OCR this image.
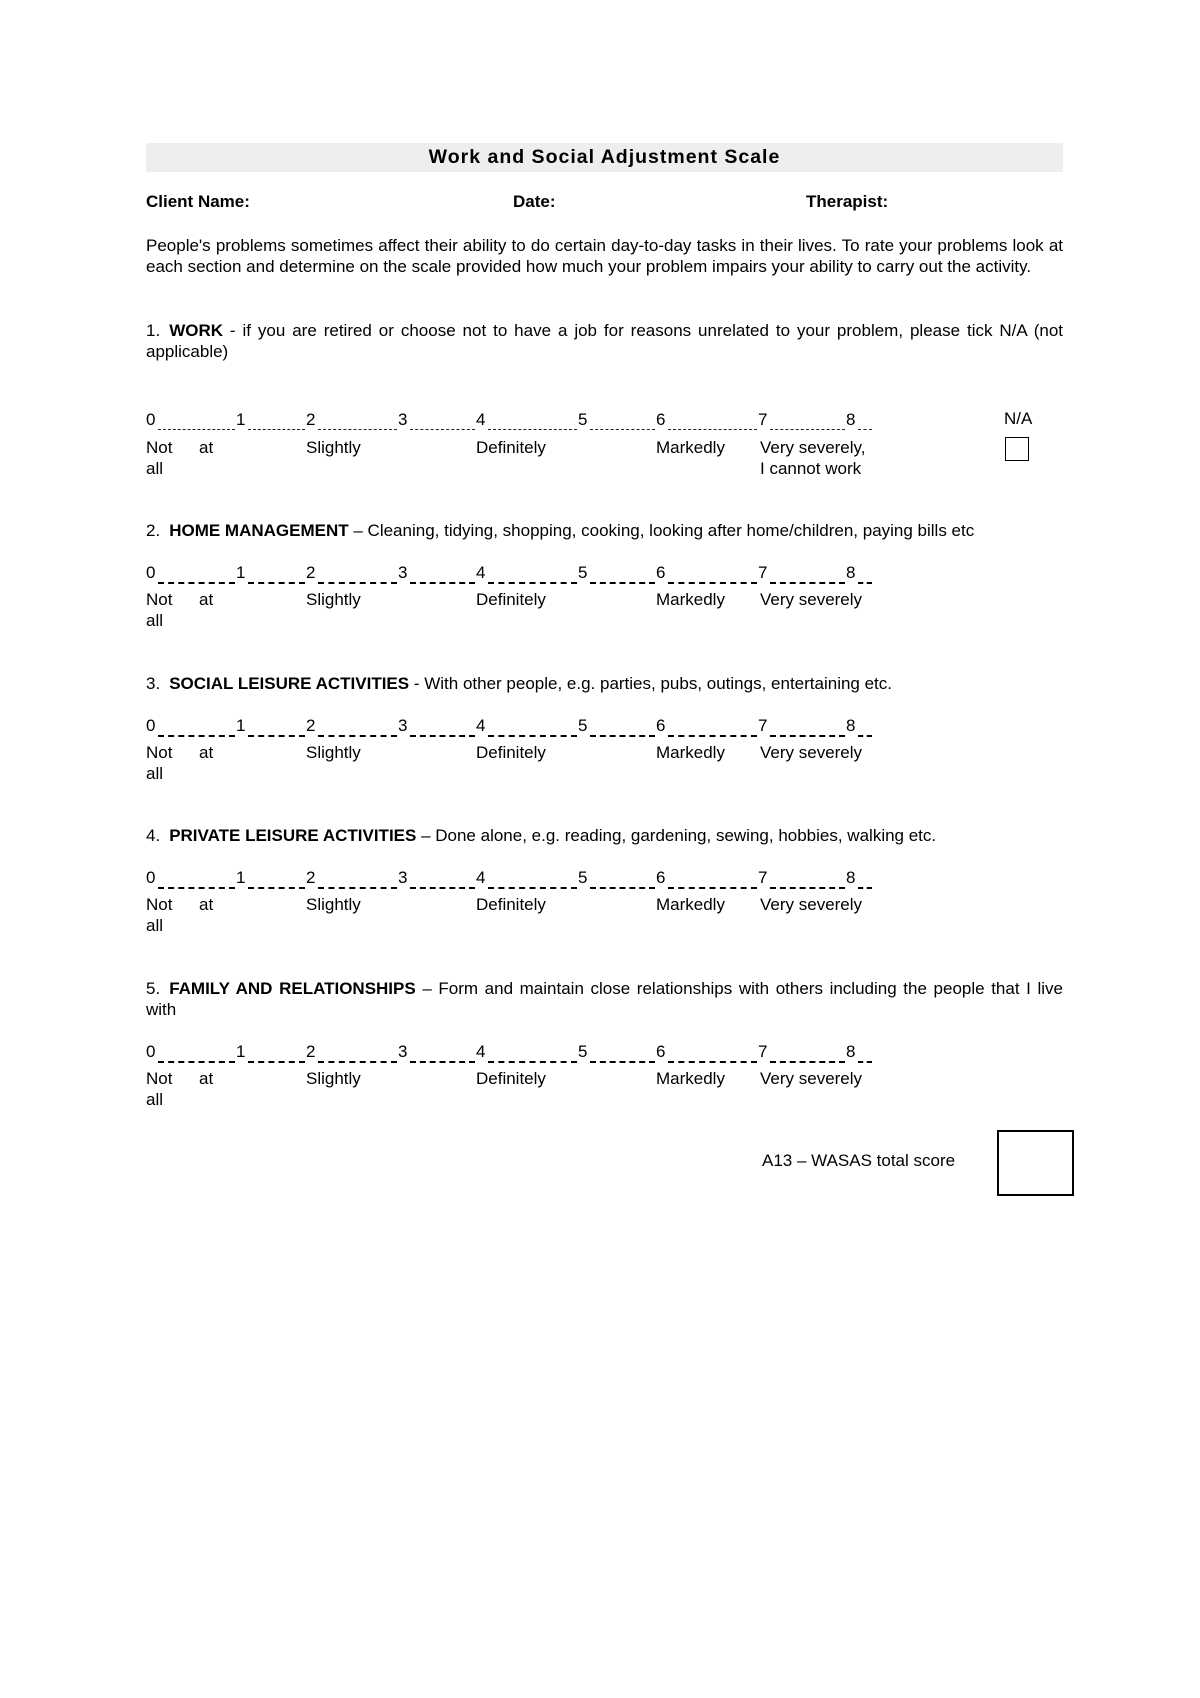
Work and Social Adjustment Scale
Client Name:	Date:	Therapist:
People's problems sometimes affect their ability to do certain day-to-day tasks in their lives. To rate your problems look at each section and determine on the scale provided how much your problem impairs your ability to carry out the activity.
1. WORK - if you are retired or choose not to have a job for reasons unrelated to your problem, please tick N/A (not applicable)
0	1	2	3	4	5	6	7	8
Not at
all
Slightly	Definitely	Markedly Very severely,
I cannot work
N/A
2. HOME MANAGEMENT – Cleaning, tidying, shopping, cooking, looking after home/children, paying bills etc
0	1	2	3	4	5	6	7	8
Not at
all
Slightly	Definitely	Markedly Very severely
3. SOCIAL LEISURE ACTIVITIES - With other people, e.g. parties, pubs, outings, entertaining etc.
0	1	2	3	4	5	6	7	8
Not at
all
Slightly	Definitely	Markedly Very severely
4. PRIVATE LEISURE ACTIVITIES – Done alone, e.g. reading, gardening, sewing, hobbies, walking etc.
0	1	2	3	4	5	6	7	8
Not at
all
Slightly	Definitely	Markedly Very severely
5. FAMILY AND RELATIONSHIPS – Form and maintain close relationships with others including the people that I live with
0	1	2	3	4	5	6	7	8
Not at
all
Slightly	Definitely	Markedly Very severely
A13 – WASAS total score
